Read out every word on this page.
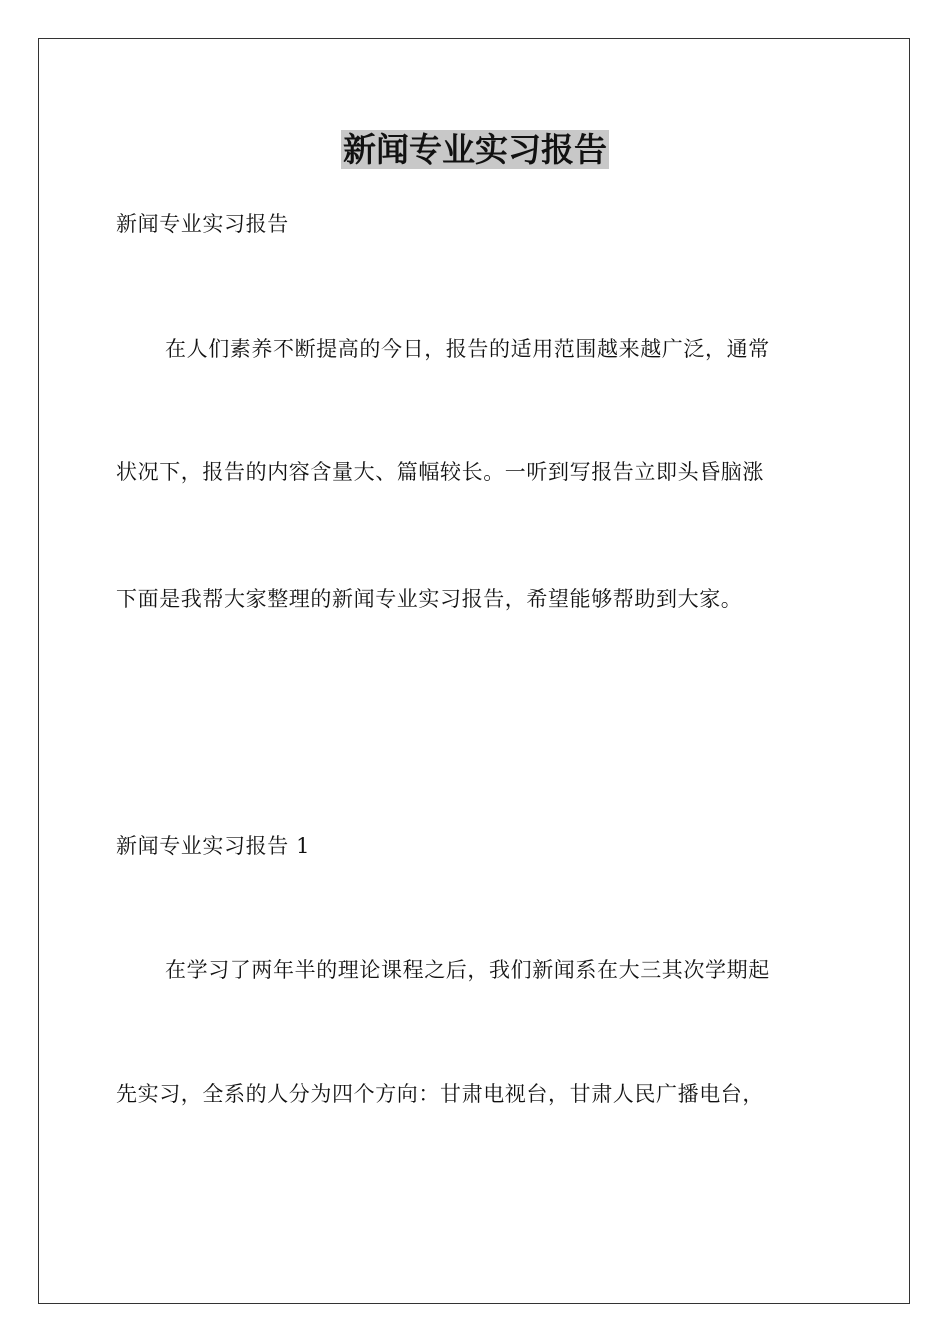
新闻专业实习报告
新闻专业实习报告
在人们素养不断提高的今日，报告的适用范围越来越广泛，通常
状况下，报告的内容含量大、篇幅较长。一听到写报告立即头昏脑涨
下面是我帮大家整理的新闻专业实习报告，希望能够帮助到大家。
新闻专业实习报告 1
在学习了两年半的理论课程之后，我们新闻系在大三其次学期起
先实习，全系的人分为四个方向：甘肃电视台，甘肃人民广播电台，
